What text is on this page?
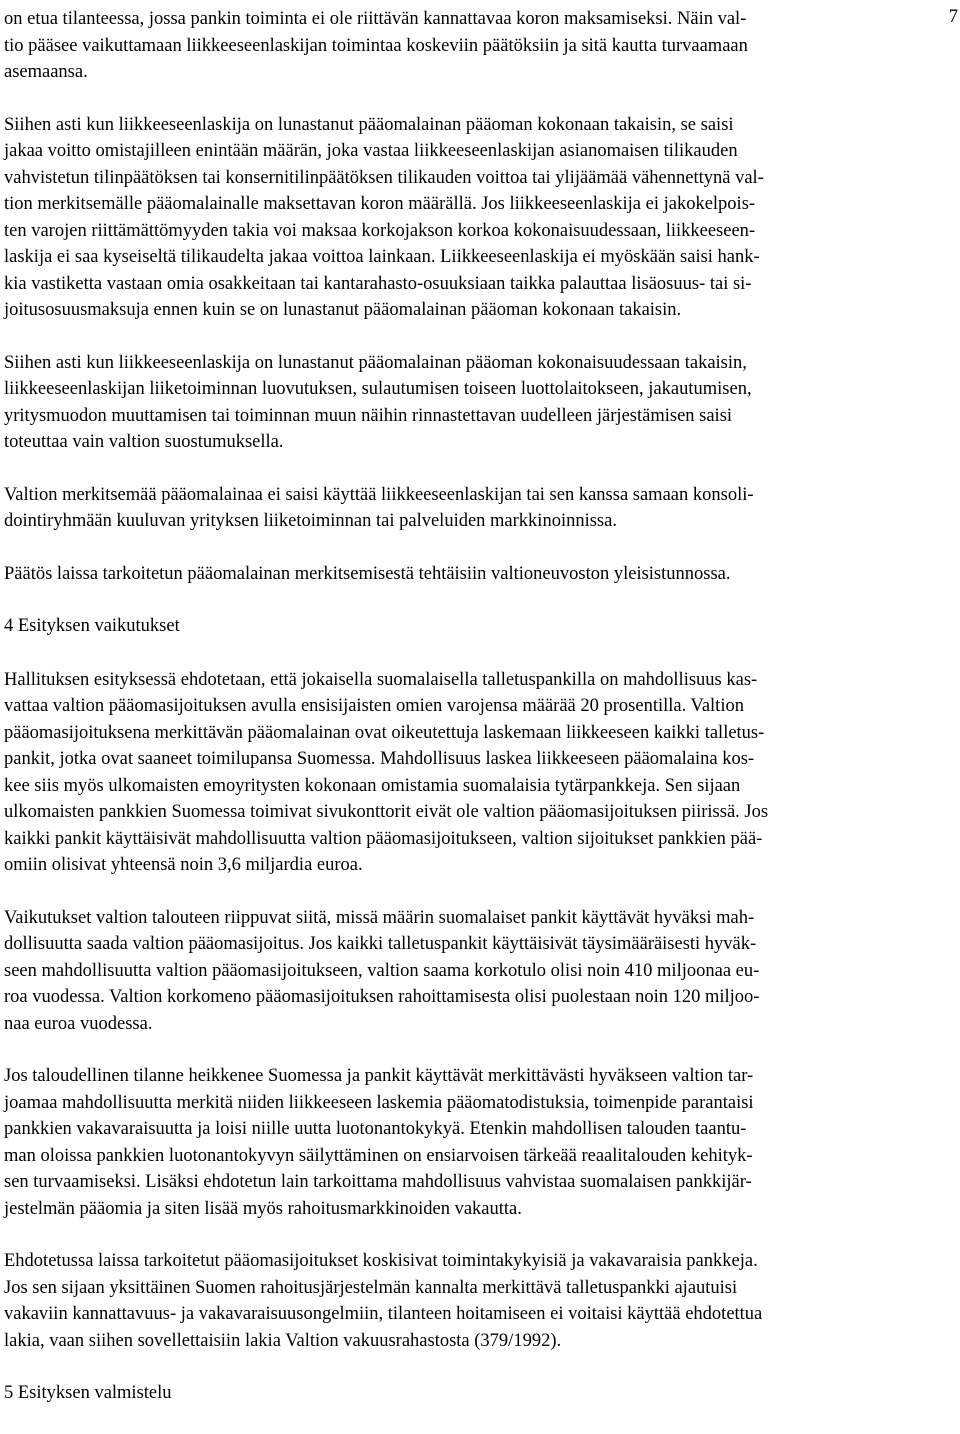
7

on etua tilanteessa, jossa pankin toiminta ei ole riittävän kannattavaa koron maksamiseksi. Näin val-
tio pääsee vaikuttamaan liikkeeseenlaskijan toimintaa koskeviin päätöksiin ja sitä kautta turvaamaan
asemaansa.

Siihen asti kun liikkeeseenlaskija on lunastanut pääomalainan pääoman kokonaan takaisin, se saisi
jakaa voitto omistajilleen enintään määrän, joka vastaa liikkeeseenlaskijan asianomaisen tilikauden
vahvistetun tilinpäätöksen tai konsernitilinpäätöksen tilikauden voittoa tai ylijäämää vähennettynä val-
tion merkitsemälle pääomalainalle maksettavan koron määrällä. Jos liikkeeseenlaskija ei jakokelpois-
ten varojen riittämättömyyden takia voi maksaa korkojakson korkoa kokonaisuudessaan, liikkeeseen-
laskija ei saa kyseiseltä tilikaudelta jakaa voittoa lainkaan. Liikkeeseenlaskija ei myöskään saisi hank-
kia vastiketta vastaan omia osakkeitaan tai kantarahasto-osuuksiaan taikka palauttaa lisäosuus- tai si-
joitusosuusmaksuja ennen kuin se on lunastanut pääomalainan pääoman kokonaan takaisin.

Siihen asti kun liikkeeseenlaskija on lunastanut pääomalainan pääoman kokonaisuudessaan takaisin,
liikkeeseenlaskijan liiketoiminnan luovutuksen, sulautumisen toiseen luottolaitokseen, jakautumisen,
yritysmuodon muuttamisen tai toiminnan muun näihin rinnastettavan uudelleen järjestämisen saisi
toteuttaa vain valtion suostumuksella.

Valtion merkitsemää pääomalainaa ei saisi käyttää liikkeeseenlaskijan tai sen kanssa samaan konsoli-
dointiryhmään kuuluvan yrityksen liiketoiminnan tai palveluiden markkinoinnissa.

Päätös laissa tarkoitetun pääomalainan merkitsemisestä tehtäisiin valtioneuvoston yleisistunnossa.

4 Esityksen vaikutukset

Hallituksen esityksessä ehdotetaan, että jokaisella suomalaisella talletuspankilla on mahdollisuus kas-
vattaa valtion pääomasijoituksen avulla ensisijaisten omien varojensa määrää 20 prosentilla. Valtion
pääomasijoituksena merkittävän pääomalainan ovat oikeutettuja laskemaan liikkeeseen kaikki talletus-
pankit, jotka ovat saaneet toimilupansa Suomessa. Mahdollisuus laskea liikkeeseen pääomalaina kos-
kee siis myös ulkomaisten emoyritysten kokonaan omistamia suomalaisia tytärpankkeja. Sen sijaan
ulkomaisten pankkien Suomessa toimivat sivukonttorit eivät ole valtion pääomasijoituksen piirissä. Jos
kaikki pankit käyttäisivät mahdollisuutta valtion pääomasijoitukseen, valtion sijoitukset pankkien pää-
omiin olisivat yhteensä noin 3,6 miljardia euroa.

Vaikutukset valtion talouteen riippuvat siitä, missä määrin suomalaiset pankit käyttävät hyväksi mah-
dollisuutta saada valtion pääomasijoitus. Jos kaikki talletuspankit käyttäisivät täysimääräisesti hyväk-
seen mahdollisuutta valtion pääomasijoitukseen, valtion saama korkotulo olisi noin 410 miljoonaa eu-
roa vuodessa. Valtion korkomeno pääomasijoituksen rahoittamisesta olisi puolestaan noin 120 miljoo-
naa euroa vuodessa.

Jos taloudellinen tilanne heikkenee Suomessa ja pankit käyttävät merkittävästi hyväkseen valtion tar-
joamaa mahdollisuutta merkitä niiden liikkeeseen laskemia pääomatodistuksia, toimenpide parantaisi
pankkien vakavaraisuutta ja loisi niille uutta luotonantokykyä. Etenkin mahdollisen talouden taantu-
man oloissa pankkien luotonantokyvyn säilyttäminen on ensiarvoisen tärkeää reaalitalouden kehityk-
sen turvaamiseksi. Lisäksi ehdotetun lain tarkoittama mahdollisuus vahvistaa suomalaisen pankkijär-
jestelmän pääomia ja siten lisää myös rahoitusmarkkinoiden vakautta.

Ehdotetussa laissa tarkoitetut pääomasijoitukset koskisivat toimintakykyisiä ja vakavaraisia pankkeja.
Jos sen sijaan yksittäinen Suomen rahoitusjärjestelmän kannalta merkittävä talletuspankki ajautuisi
vakaviin kannattavuus- ja vakavaraisuusongelmiin, tilanteen hoitamiseen ei voitaisi käyttää ehdotettua
lakia, vaan siihen sovellettaisiin lakia Valtion vakuusrahastosta (379/1992).

5 Esityksen valmistelu
